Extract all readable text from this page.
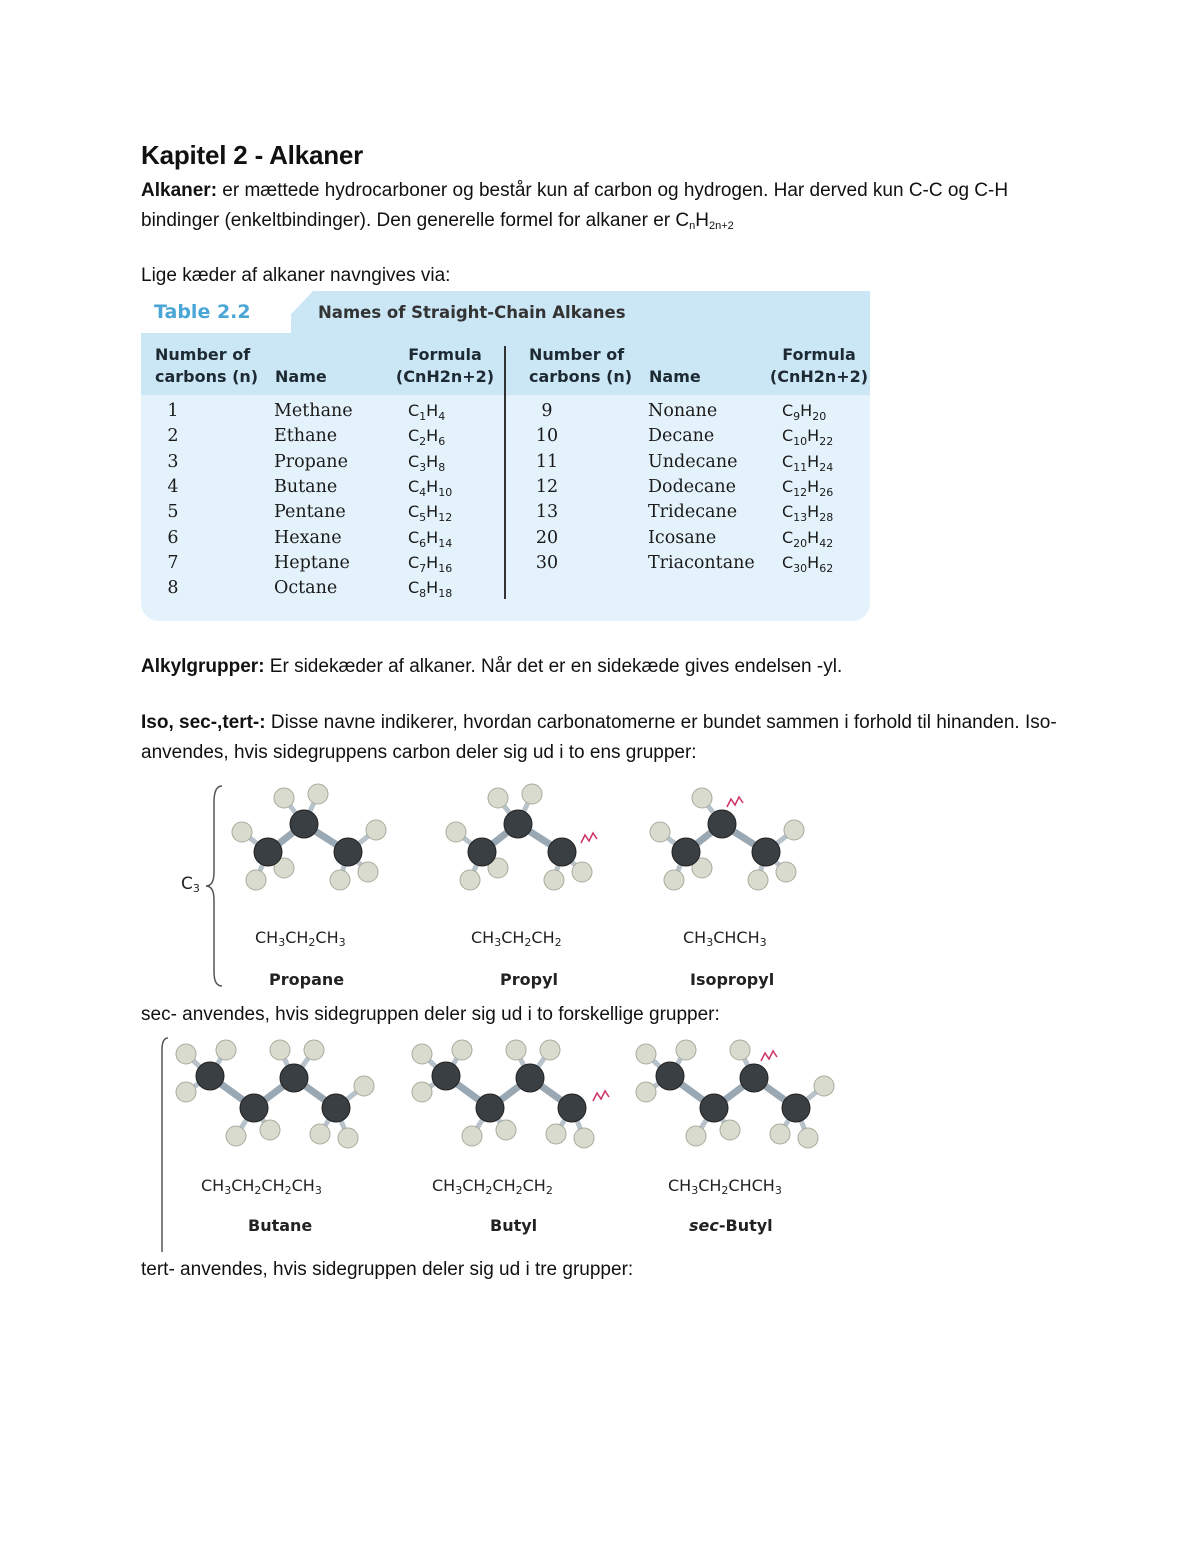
Kapitel 2 - Alkaner

Alkaner: er mættede hydrocarboner og består kun af carbon og hydrogen. Har derved kun C-C og C-H bindinger (enkeltbindinger). Den generelle formel for alkaner er $C_nH_{2n+2}$

Lige kæder af alkaner navngives via:

Table 2.2	Names of Straight-Chain Alkanes
Number of
carbons (n) Name
Formula
(CnH2n+2)
Number of
carbons (n) Name
Formula
(CnH2n+2)
1	Methane	$C_1H_4$
2	Ethane	$C_2H_6$
3	Propane	$C_3H_8$
4	Butane	$C_4H_{10}$
5	Pentane	$C_5H_{12}$
6	Hexane	$C_6H_{14}$
7	Heptane	$C_7H_{16}$
8	Octane	$C_8H_{18}$
9	Nonane	$C_9H_{20}$
10	Decane	$C_{10}H_{22}$
11	Undecane	$C_{11}H_{24}$
12	Dodecane	$C_{12}H_{26}$
13	Tridecane	$C_{13}H_{28}$
20	Icosane	$C_{20}H_{42}$
30	Triacontane $C_{30}H_{62}$

Alkylgrupper: Er sidekæder af alkaner. Når det er en sidekæde gives endelsen -yl.

Iso, sec-,tert-: Disse navne indikerer, hvordan carbonatomerne er bundet sammen i forhold til hinanden. Iso- anvendes, hvis sidegruppens carbon deler sig ud i to ens grupper:

$C_3$
$CH_3CH_2CH_3$	$CH_3CH_2CH_2$	$CH_3CHCH_3$
Propane	Propyl	Isopropyl

sec- anvendes, hvis sidegruppen deler sig ud i to forskellige grupper:

$CH_3CH_2CH_2CH_3$	$CH_3CH_2CH_2CH_2$	$CH_3CH_2CHCH_3$
Butane	Butyl	sec-Butyl

tert- anvendes, hvis sidegruppen deler sig ud i tre grupper:
